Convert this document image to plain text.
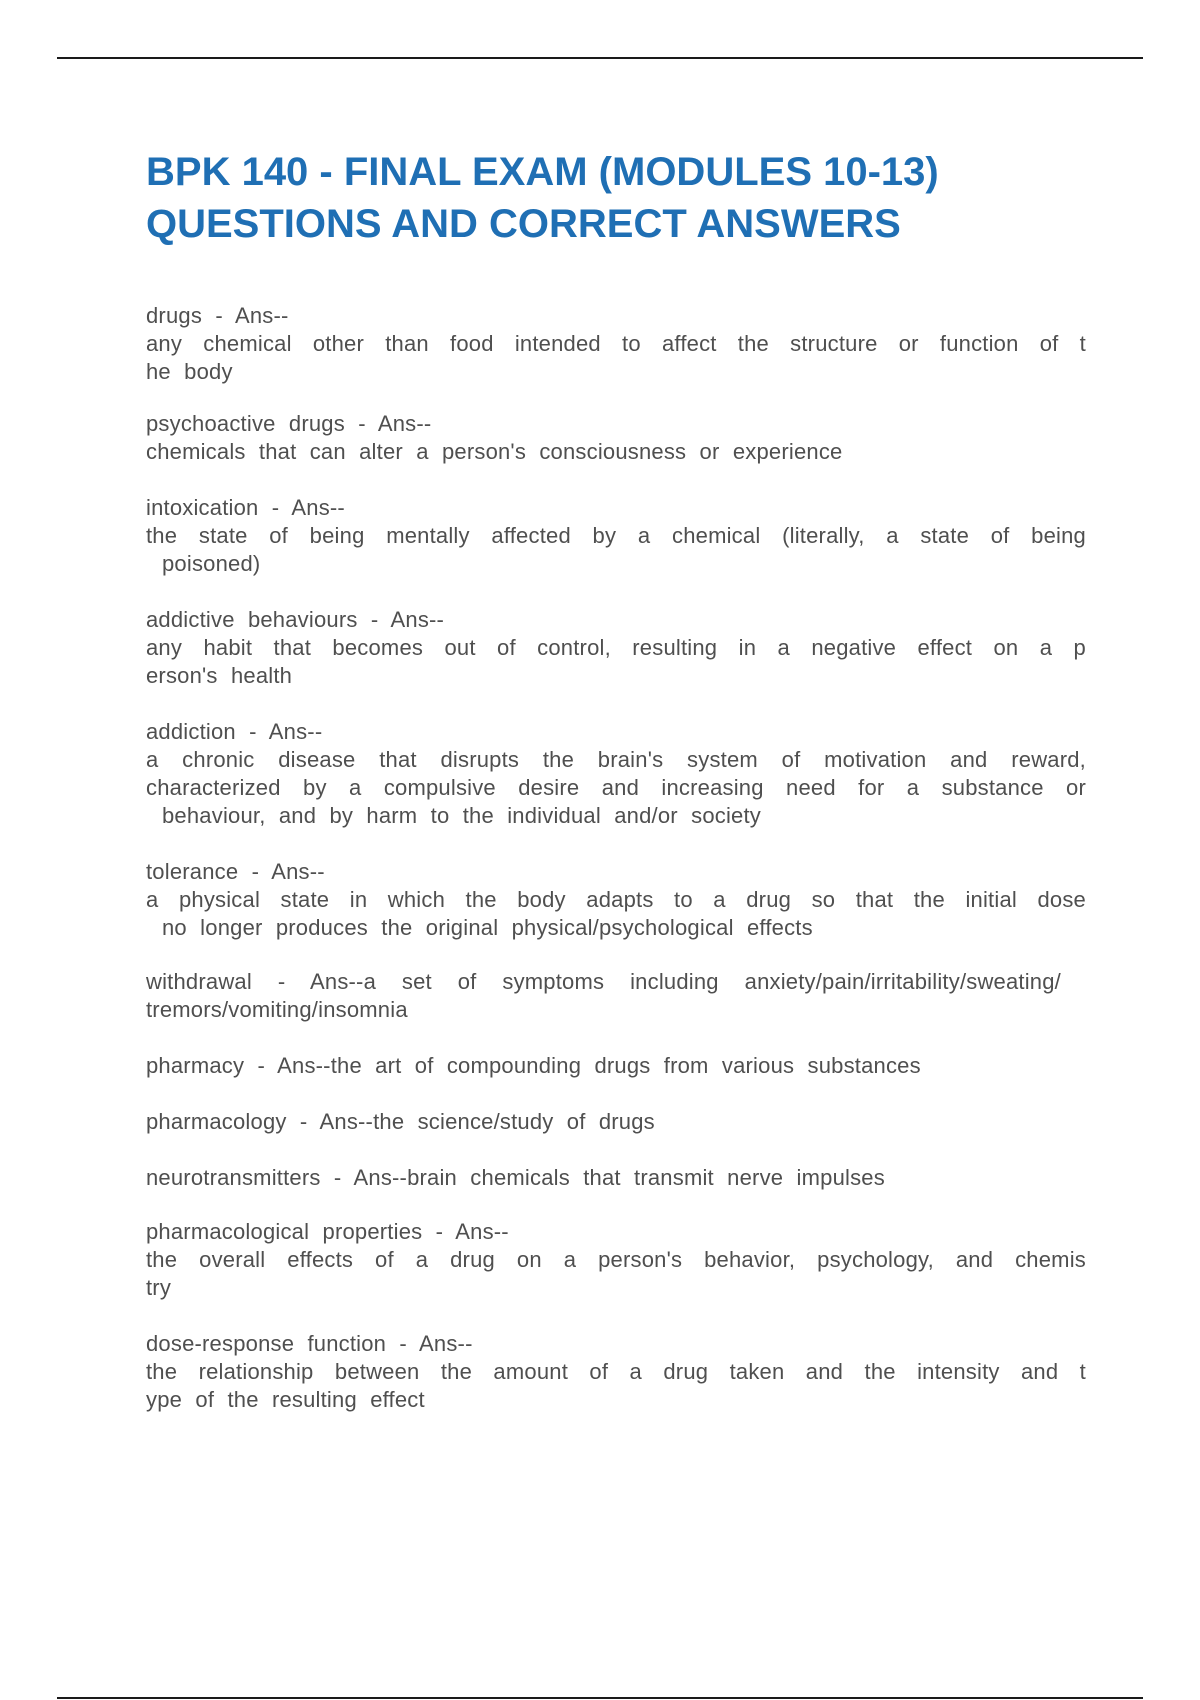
BPK 140 - FINAL EXAM (MODULES 10-13)
QUESTIONS AND CORRECT ANSWERS
drugs - Ans--
any chemical other than food intended to affect the structure or function of t
he body
psychoactive drugs - Ans--
chemicals that can alter a person's consciousness or experience
intoxication - Ans--
the state of being mentally affected by a chemical (literally, a state of being
poisoned)
addictive behaviours - Ans--
any habit that becomes out of control, resulting in a negative effect on a p
erson's health
addiction - Ans--
a chronic disease that disrupts the brain's system of motivation and reward,
characterized by a compulsive desire and increasing need for a substance or
behaviour, and by harm to the individual and/or society
tolerance - Ans--
a physical state in which the body adapts to a drug so that the initial dose
no longer produces the original physical/psychological effects
withdrawal - Ans--a set of symptoms including anxiety/pain/irritability/sweating/
tremors/vomiting/insomnia
pharmacy - Ans--the art of compounding drugs from various substances
pharmacology - Ans--the science/study of drugs
neurotransmitters - Ans--brain chemicals that transmit nerve impulses
pharmacological properties - Ans--
the overall effects of a drug on a person's behavior, psychology, and chemis
try
dose-response function - Ans--
the relationship between the amount of a drug taken and the intensity and t
ype of the resulting effect
